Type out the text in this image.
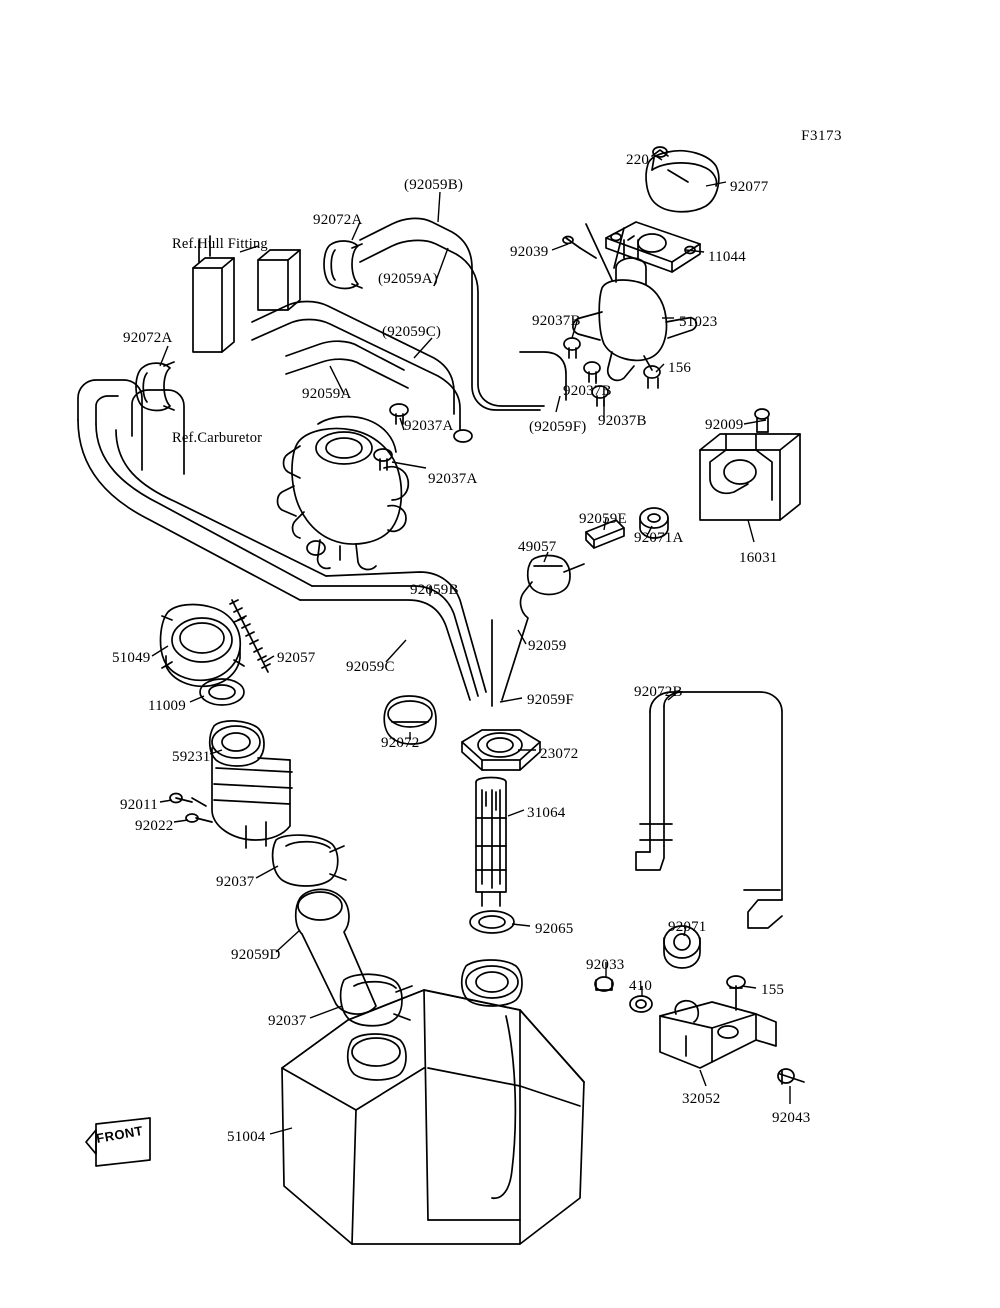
F3173
FRONT
Ref.Hull Fitting
Ref.Carburetor
92072A
(92059B)
(92059A)
(92059C)
92072A
92059A
92037A
92037A
92039
92037B
92037B
92037B
(92059F)
220
92077
11044
51023
156
92009
16031
92059E
92071A
49057
92059
92059B
92059C
92059F
51049	92057
11009
92072
23072
59231
31064
92011
92022
92037
92072B
92065	92071
92059D
92033
410	155
92037
32052
92043
51004
